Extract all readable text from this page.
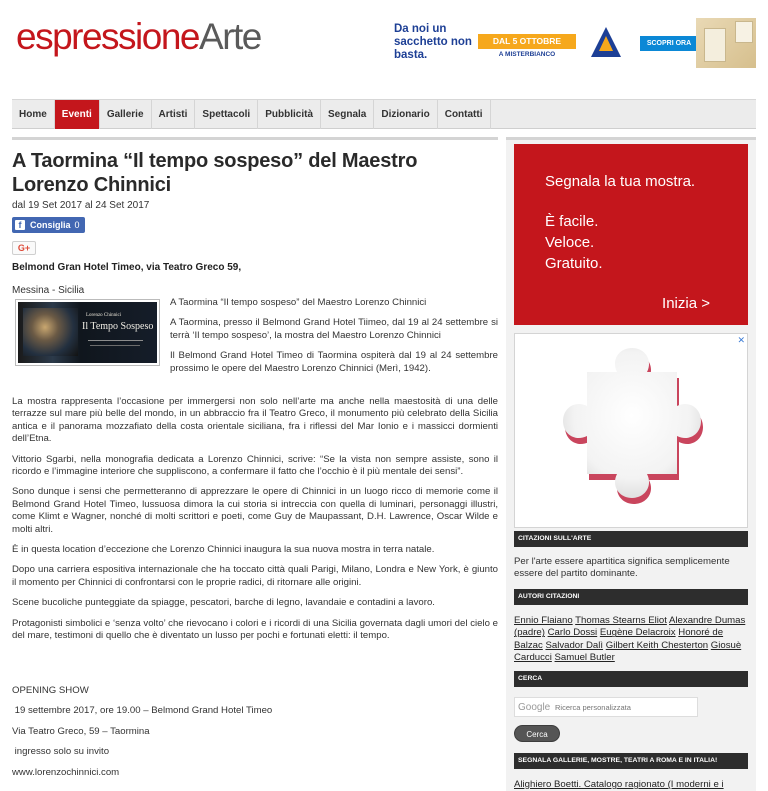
espressioneArte	Da noi un sacchetto non basta.
DAL 5 OTTOBRE
A MISTERBIANCO
SCOPRI ORA
Home	Eventi	Gallerie	Artisti	Spettacoli	Pubblicità	Segnala	Dizionario	Contatti
A Taormina “Il tempo sospeso” del Maestro Lorenzo Chinnici
dal 19 Set 2017 al 24 Set 2017
f Consiglia 0
G+
Belmond Gran Hotel Timeo, via Teatro Greco 59,
Messina - Sicilia
Lorenzo Chinnici
Il Tempo Sospeso
A Taormina “Il tempo sospeso” del Maestro Lorenzo Chinnici
A Taormina, presso il Belmond Grand Hotel Tiimeo, dal 19 al 24 settembre si terrà ‘Il tempo sospeso’, la mostra del Maestro Lorenzo Chinnici
Il Belmond Grand Hotel Timeo di Taormina ospiterà dal 19 al 24 settembre prossimo le opere del Maestro Lorenzo Chinnici (Merì, 1942).
La mostra rappresenta l’occasione per immergersi non solo nell’arte ma anche nella maestosità di una delle terrazze sul mare più belle del mondo, in un abbraccio fra il Teatro Greco, il monumento più celebrato della Sicilia antica e il panorama mozzafiato della costa orientale siciliana, fra i riflessi del Mar Ionio e i massicci dormienti dell’Etna.
Vittorio Sgarbi, nella monografia dedicata a Lorenzo Chinnici, scrive: “Se la vista non sempre assiste, sono il ricordo e l’immagine interiore che suppliscono, a confermare il fatto che l’occhio è il più mentale dei sensi”.
Sono dunque i sensi che permetteranno di apprezzare le opere di Chinnici in un luogo ricco di memorie come il Belmond Grand Hotel Timeo, lussuosa dimora la cui storia si intreccia con quella di luminari, personaggi illustri, come Klimt e Wagner, nonché di molti scrittori e poeti, come Guy de Maupassant, D.H. Lawrence, Oscar Wilde e molti altri.
È in questa location d’eccezione che Lorenzo Chinnici inaugura la sua nuova mostra in terra natale.
Dopo una carriera espositiva internazionale che ha toccato città quali Parigi, Milano, Londra e New York, è giunto il momento per Chinnici di confrontarsi con le proprie radici, di ritornare alle origini.
Scene bucoliche punteggiate da spiagge, pescatori, barche di legno, lavandaie e contadini a lavoro.
Protagonisti simbolici e ‘senza volto’ che rievocano i colori e i ricordi di una Sicilia governata dagli umori del cielo e del mare, testimoni di quello che è diventato un lusso per pochi e fortunati eletti: il tempo.
OPENING SHOW
19 settembre 2017, ore 19.00 – Belmond Grand Hotel Timeo
Via Teatro Greco, 59 – Taormina
ingresso solo su invito
www.lorenzochinnici.com
Segnala la tua mostra.
È facile.
Veloce.
Gratuito.
Inizia >
✕
CITAZIONI SULL'ARTE
Per l'arte essere apartitica significa semplicemente essere del partito dominante.
AUTORI CITAZIONI
Ennio Flaiano Thomas Stearns Eliot Alexandre Dumas (padre) Carlo Dossi Eugène Delacroix Honoré de Balzac Salvador Dalì Gilbert Keith Chesterton Giosuè Carducci Samuel Butler
CERCA
Google
Ricerca personalizzata
Cerca
SEGNALA GALLERIE, MOSTRE, TEATRI A ROMA E IN ITALIA!
Alighiero Boetti. Catalogo ragionato (I moderni e i
